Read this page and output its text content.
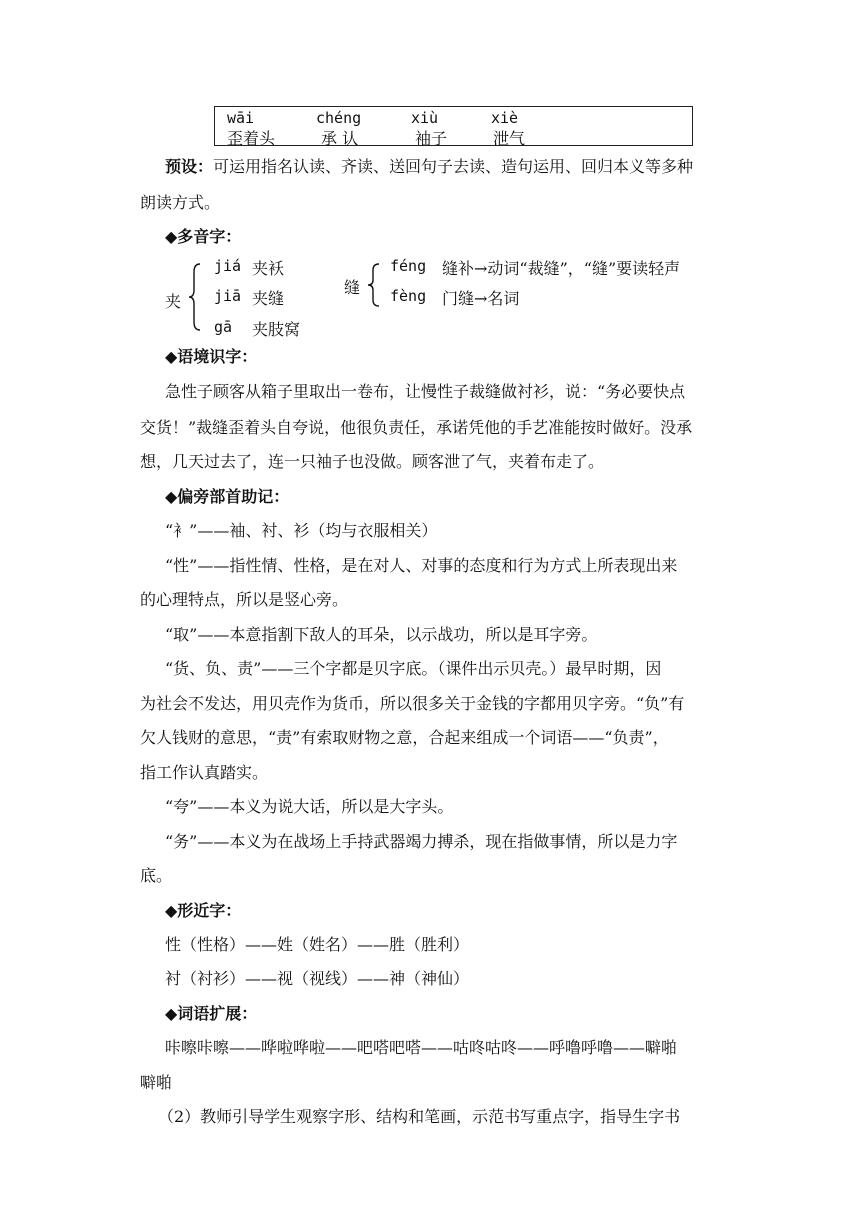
wāi	chéng	xiù	xiè
歪着头	承 认	袖子	泄气
预设：可运用指名认读、齐读、送回句子去读、造句运用、回归本义等多种
朗读方式。
◆多音字：
夹
jiá 夹袄
jiā 夹缝
gā 夹肢窝
缝
féng 缝补→动词“裁缝”，“缝”要读轻声
fèng 门缝→名词
◆语境识字：
急性子顾客从箱子里取出一卷布，让慢性子裁缝做衬衫，说：“务必要快点
交货！”裁缝歪着头自夸说，他很负责任，承诺凭他的手艺准能按时做好。没承
想，几天过去了，连一只袖子也没做。顾客泄了气，夹着布走了。
◆偏旁部首助记：
“衤”——袖、衬、衫（均与衣服相关）
“性”——指性情、性格，是在对人、对事的态度和行为方式上所表现出来
的心理特点，所以是竖心旁。
“取”——本意指割下敌人的耳朵，以示战功，所以是耳字旁。
“货、负、责”——三个字都是贝字底。（课件出示贝壳。）最早时期，因
为社会不发达，用贝壳作为货币，所以很多关于金钱的字都用贝字旁。“负”有
欠人钱财的意思，“责”有索取财物之意，合起来组成一个词语——“负责”，
指工作认真踏实。
“夸”——本义为说大话，所以是大字头。
“务”——本义为在战场上手持武器竭力搏杀，现在指做事情，所以是力字
底。
◆形近字：
性（性格）——姓（姓名）——胜（胜利）
衬（衬衫）——视（视线）——神（神仙）
◆词语扩展：
咔嚓咔嚓——哗啦哗啦——吧嗒吧嗒——咕咚咕咚——呼噜呼噜——噼啪
噼啪
（2）教师引导学生观察字形、结构和笔画，示范书写重点字，指导生字书
